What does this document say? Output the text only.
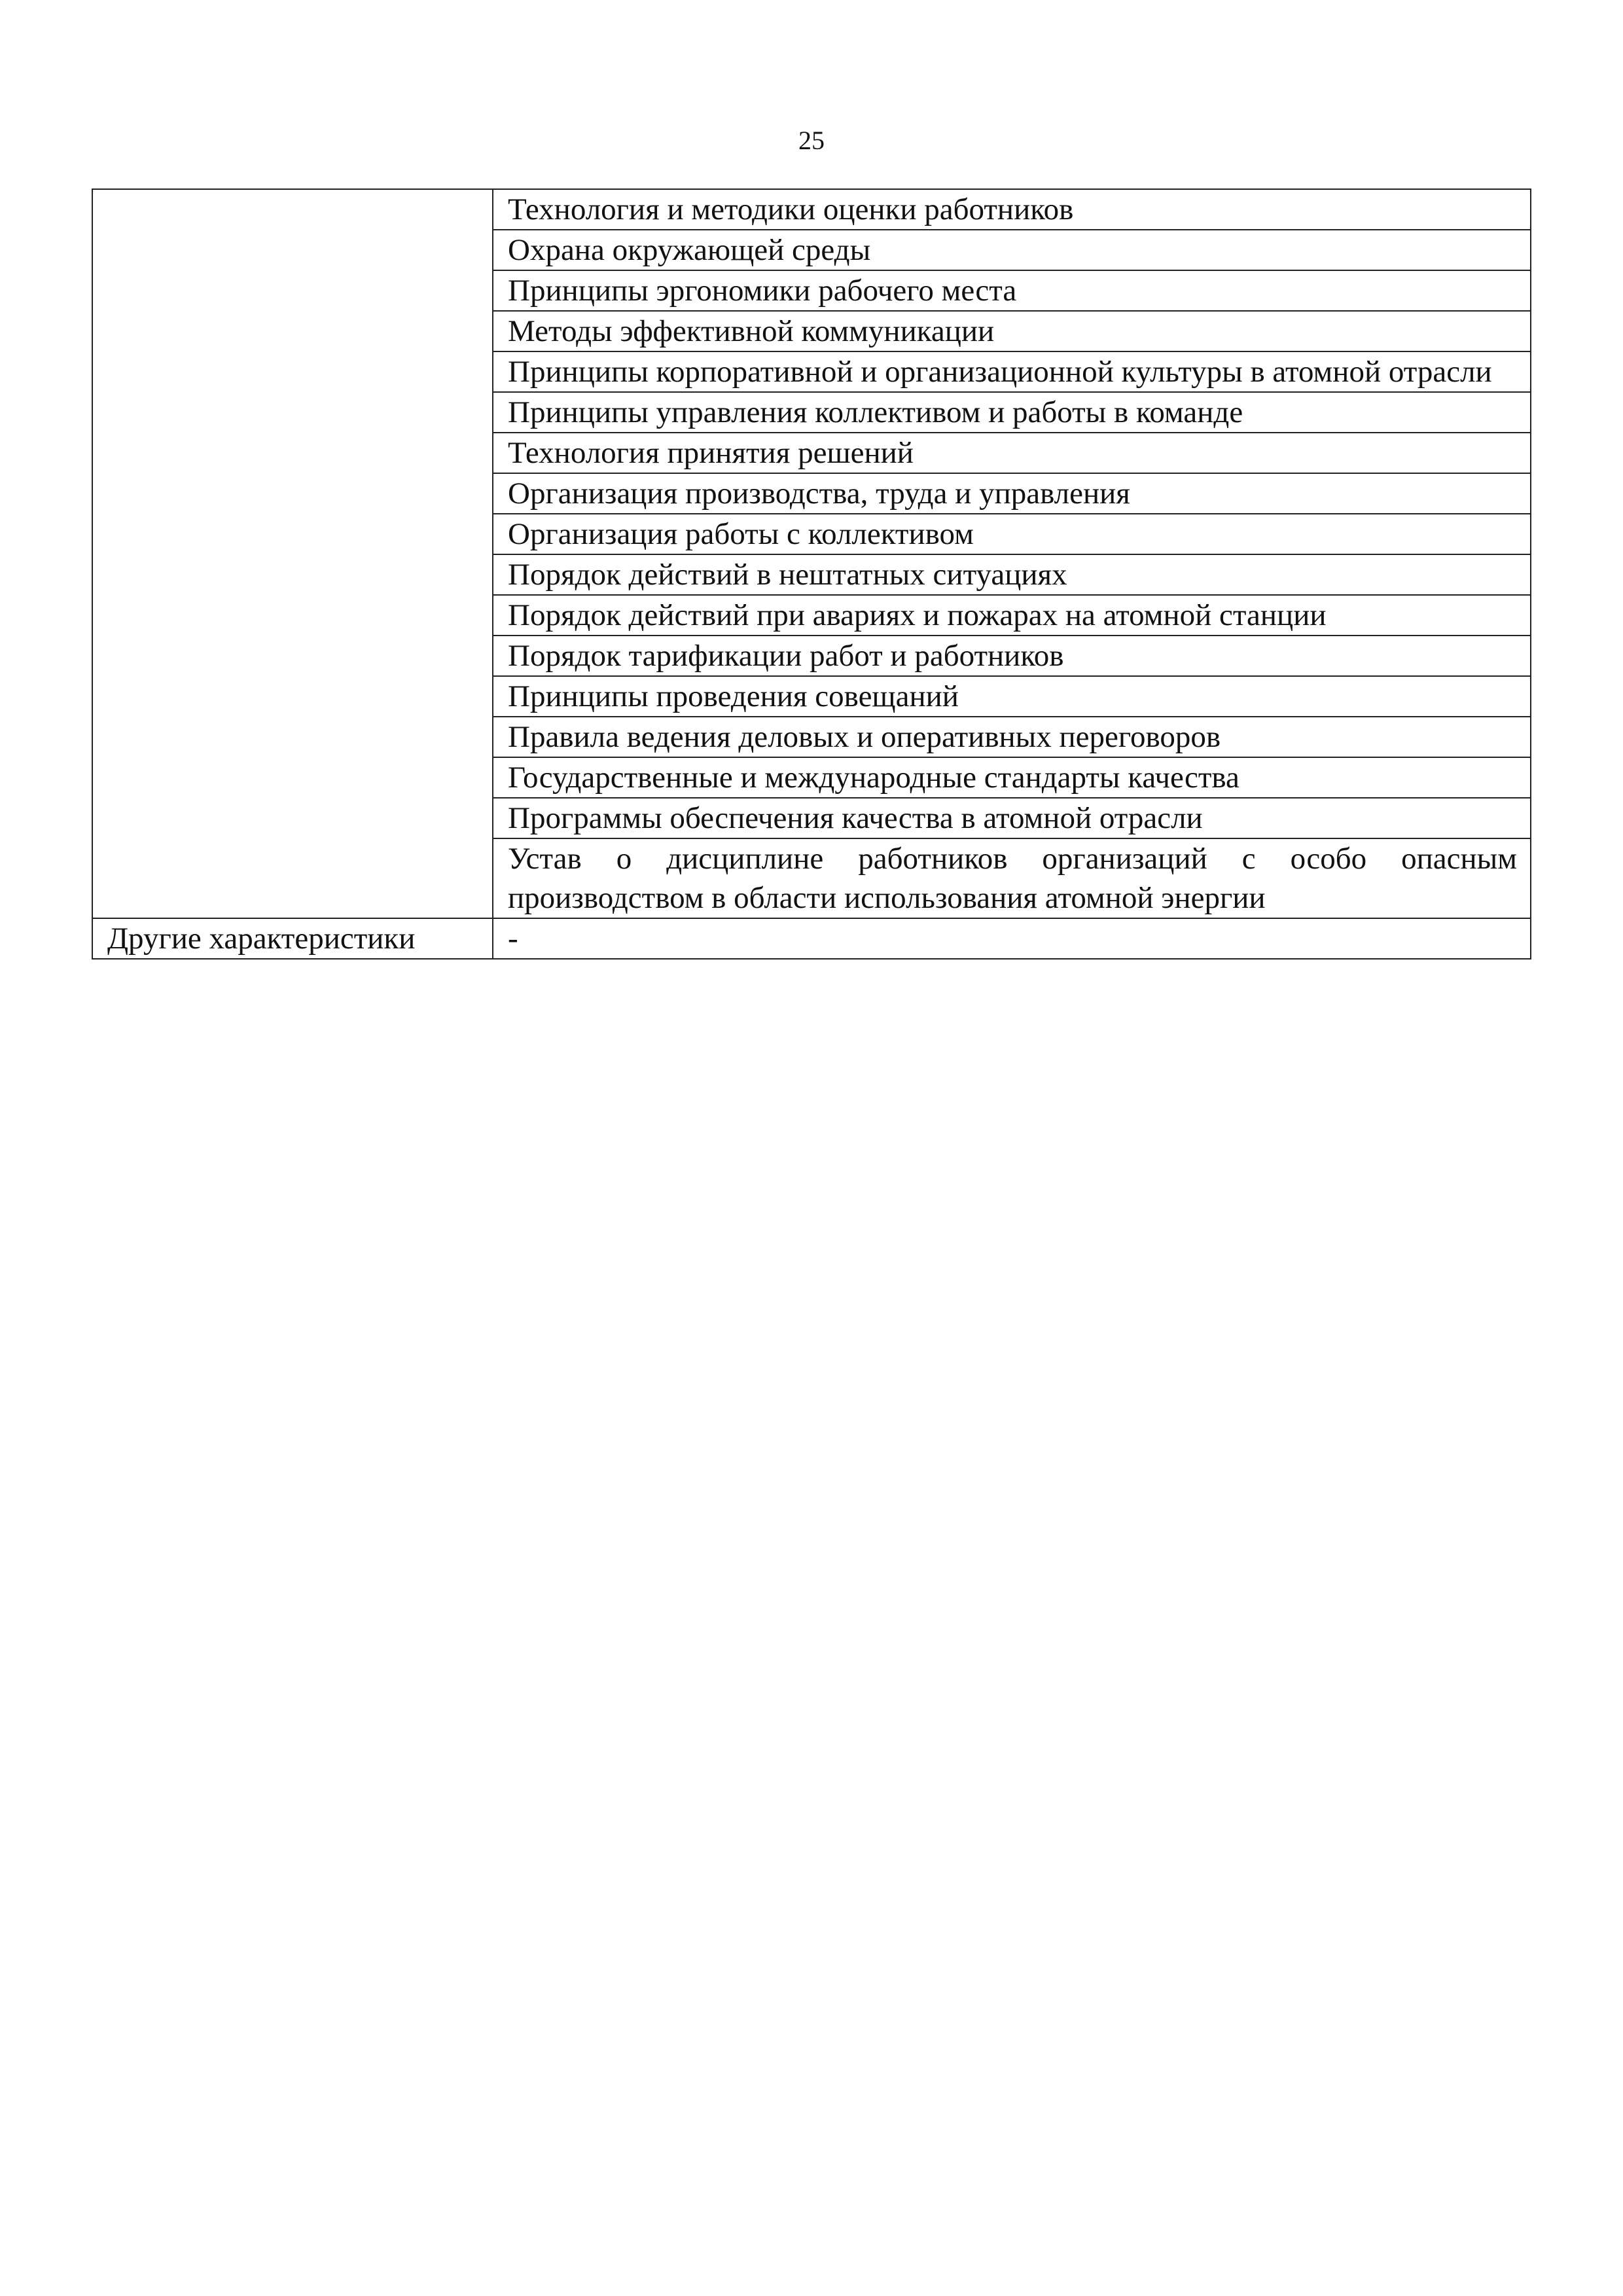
25
	Технология и методики оценки работников
	Охрана окружающей среды
	Принципы эргономики рабочего места
	Методы эффективной коммуникации
	Принципы корпоративной и организационной культуры в атомной отрасли
	Принципы управления коллективом и работы в команде
	Технология принятия решений
	Организация производства, труда и управления
	Организация работы с коллективом
	Порядок действий в нештатных ситуациях
	Порядок действий при авариях и пожарах на атомной станции
	Порядок тарификации работ и работников
	Принципы проведения совещаний
	Правила ведения деловых и оперативных переговоров
	Государственные и международные стандарты качества
	Программы обеспечения качества в атомной отрасли
	Устав о дисциплине работников организаций с особо опасным производством в области использования атомной энергии
Другие характеристики	-
